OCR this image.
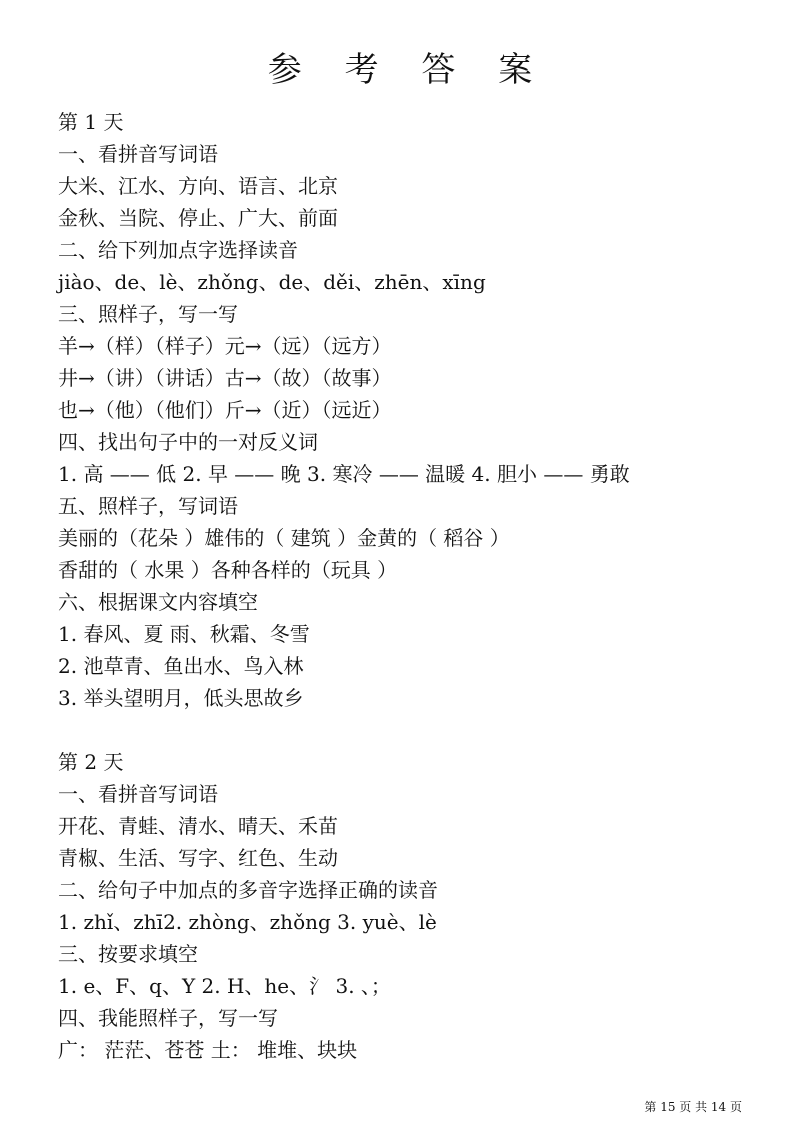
参 考 答 案
第 1 天
一、看拼音写词语
大米、江水、方向、语言、北京
金秋、当院、停止、广大、前面
二、给下列加点字选择读音
jiào、de、lè、zhǒng、de、děi、zhēn、xīng
三、照样子，写一写
羊→（样）（样子）元→（远）（远方）
井→（讲）（讲话）古→（故）（故事）
也→（他）（他们）斤→（近）（远近）
四、找出句子中的一对反义词
1. 高 —— 低 2. 早 —— 晚 3. 寒冷 —— 温暖 4. 胆小 —— 勇敢
五、照样子，写词语
美丽的（花朵 ）雄伟的（ 建筑 ）金黄的（ 稻谷 ）
香甜的（ 水果 ）各种各样的（玩具 ）
六、根据课文内容填空
1. 春风、夏 雨、秋霜、冬雪
2. 池草青、鱼出水、鸟入林
3. 举头望明月，低头思故乡
第 2 天
一、看拼音写词语
开花、青蛙、清水、晴天、禾苗
青椒、生活、写字、红色、生动
二、给句子中加点的多音字选择正确的读音
1. zhǐ、zhī2. zhòng、zhǒng 3. yuè、lè
三、按要求填空
1. e、F、q、Y 2. H、he、氵 3. 、；
四、我能照样子，写一写
广： 茫茫、苍苍 土： 堆堆、块块
第 15 页 共 14 页
